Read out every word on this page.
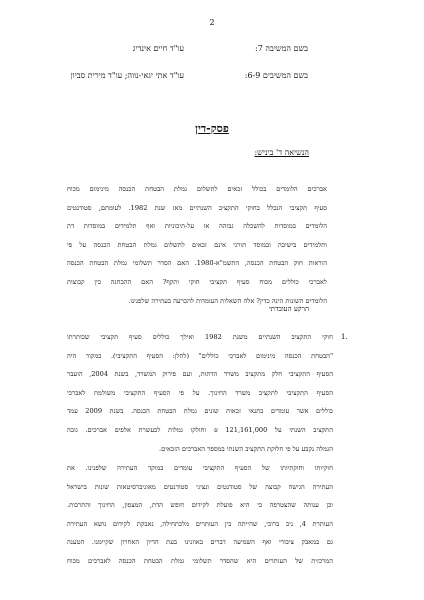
2
בשם המשיבה 7:
עו"ד חיים אינדיג
בשם המשיבים 6-9:
עו"ד אתי יגאי-נווה; עו"ד מירית סביון
פסק-דין
הנשיאה ד' ביניש:
אברכים הלומדים בכולל זכאים לתשלום גמלת הבטחת הכנסה מינימום מכוח
סעיף תקציבי הנכלל בחוקי התקציב השנתיים מאז שנת 1982. לעומתם, סטודנטים
הלומדים במוסדות להשכלה גבוהה או על-תיכוניות ואף תלמידים במוסדות דת
ותלמידים בישיבה ובמוסד תורני אינם זכאים לתשלום גמלת הבטחת הכנסה על פי
הוראות חוק הבטחת הכנסה, התשמ"א-1980. האם הסדר תשלומי גמלת הבטחת הכנסה
לאברכי כוללים מכוח סעיף תקציבי חוקי ותקף? האם ההבחנה בין קבוצות
הלומדים השונות הינה כדין? אלה השאלות העומדות להכרעה בעתירה שלפנינו.
הרקע העובדתי
1.
חוקי התקציב השנתיים משנת 1982 ואילך כוללים סעיף תקציבי שכותרתו
"הבטחת הכנסה מינימום לאברכי כוללים" (להלן: הסעיף התקציבי). במקור היה
הסעיף התקציבי חלק מתקציב משרד הדתות, ועם פירוק המשרד, בשנת 2004, הועבר
הסעיף התקציבי לתקציב משרד החינוך. על פי הסעיף התקציבי משולמת לאברכי
כוללים אשר עומדים בתנאי זכאות שונים גמלת הבטחת הכנסה. בשנת 2009 עמד
התקציב השנתי על 121,161,000 ₪ וחולקו גמלות לכעשרת אלפים אברכים. גובה
הגמלה נקבע על פי חלוקת התקציב השנתי במספר האברכים הזכאים.
חוקיותו וחוקתיותו של הסעיף התקציבי עומדים במוקד העתירה שלפנינו. את
העתירה הגישה קבוצה של סטודנטים ונציגי סטודנטים מאוניברסיטאות שונות בישראל
וכן ענותה שהצטרפה כי היא פועלת לקידום חופש הדת, המצפון, החינוך והתרבות.
העותרת 4, ניב ברוכי, שהייתה בין העותרים מלכתחילה, נאבקת לקידום נושא העתירה
גם במאבק ציבורי ואף השמיעה דברים באוזנינו בעת הדיון האחרון שקיימנו. הטענה
המרכזית של העותרים היא שהסדר תשלומי גמלת הבטחת הכנסה לאברכים מכוח
